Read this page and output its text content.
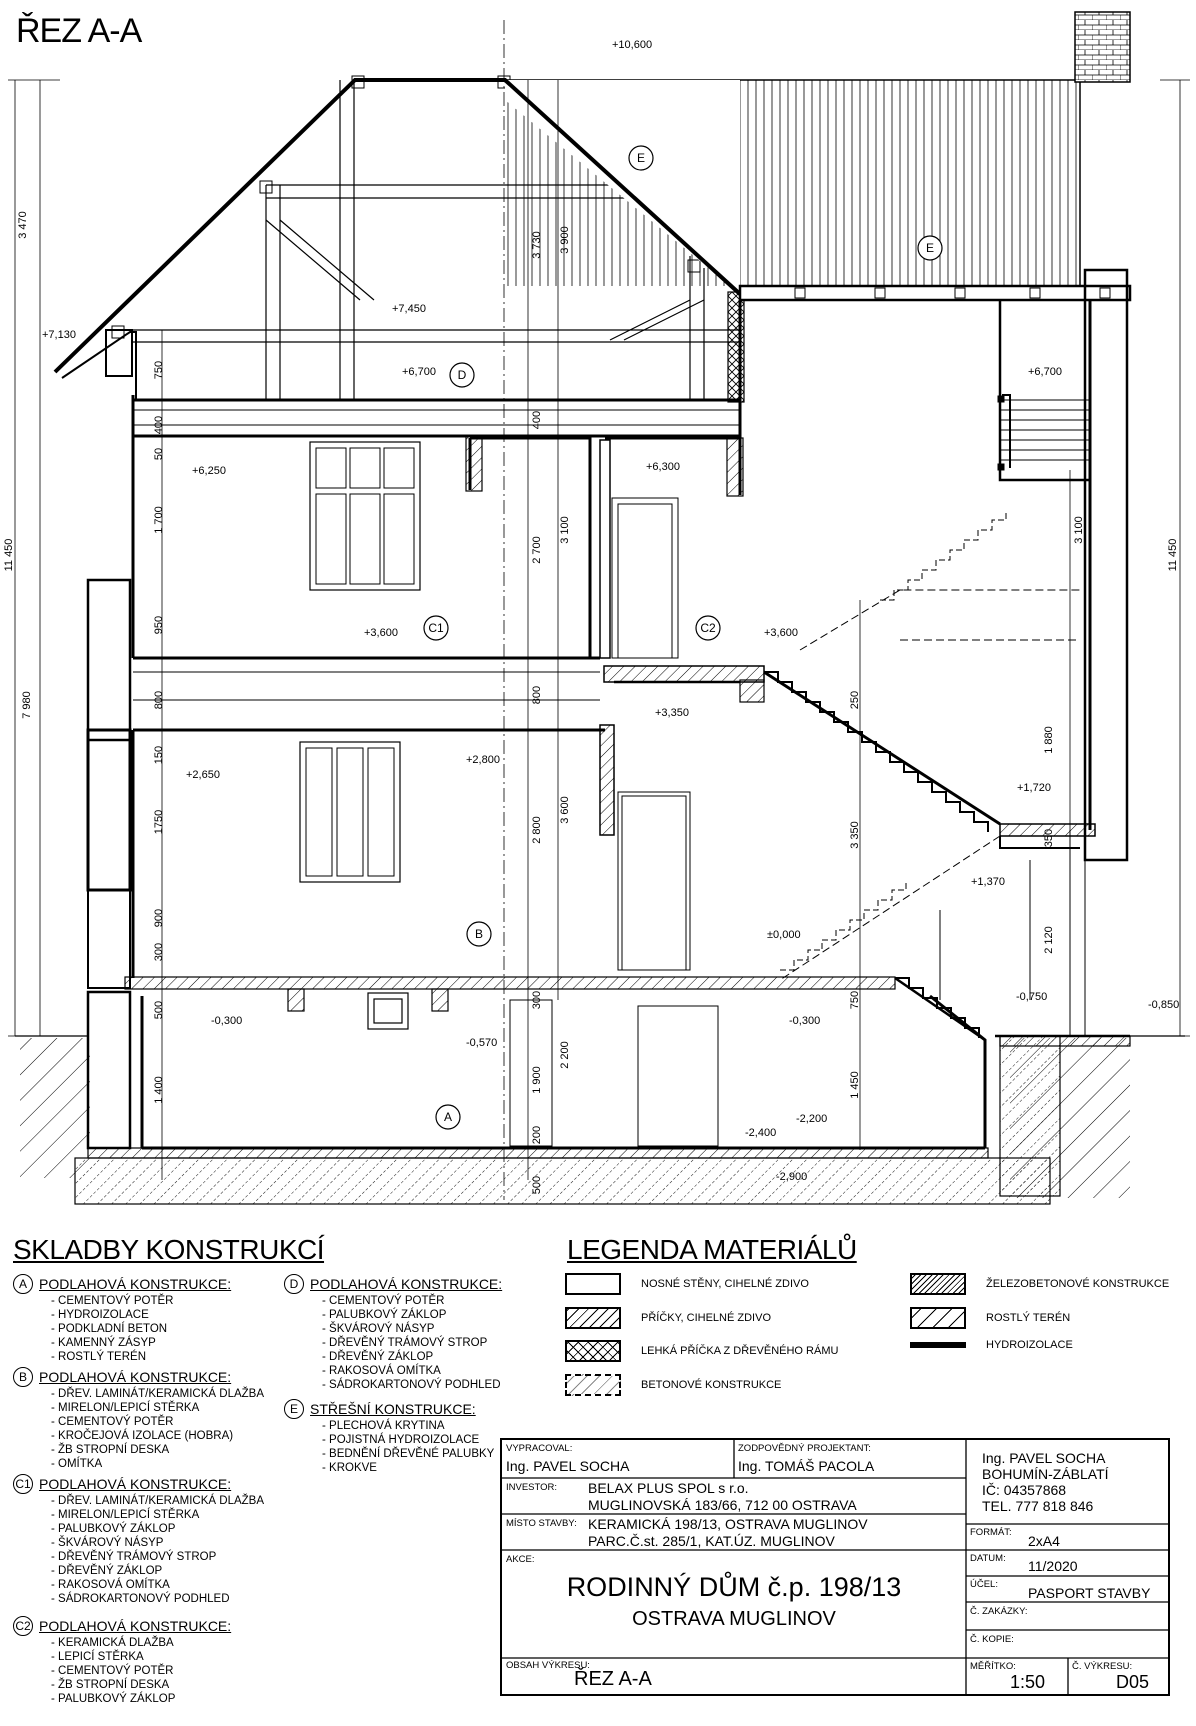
+10,600
+7,450
+7,130
+6,700	+6,700
+6,250	+6,300
+3,600	+3,600
+3,350
+2,800
+2,650
+1,720
+1,370
±0,000
-0,300	-0,300
-0,570
-0,750
-0,850
-2,200
-2,400
-2,900
3 470
750
400
50
1 700
950
800
150
1750
900
300
500
1 400
11 450
7 980
11 450
3 730 3 900
400
2 700
3 100
800
2 800
3 600
300
1 900
2 200
200
500
3 100
250
3 350
1 880
350
2 120
750
1 450
A
B
C1	C2
D
E
E
ŘEZ A-A
SKLADBY KONSTRUKCÍ
A PODLAHOVÁ KONSTRUKCE:
- CEMENTOVÝ POTĚR
- HYDROIZOLACE
- PODKLADNÍ BETON
- KAMENNÝ ZÁSYP
- ROSTLÝ TERÉN
B PODLAHOVÁ KONSTRUKCE:
- DŘEV. LAMINÁT/KERAMICKÁ DLAŽBA
- MIRELON/LEPICÍ STĚRKA
- CEMENTOVÝ POTĚR
- KROČEJOVÁ IZOLACE (HOBRA)
- ŽB STROPNÍ DESKA
- OMÍTKA
C1 PODLAHOVÁ KONSTRUKCE:
- DŘEV. LAMINÁT/KERAMICKÁ DLAŽBA
- MIRELON/LEPICÍ STĚRKA
- PALUBKOVÝ ZÁKLOP
- ŠKVÁROVÝ NÁSYP
- DŘEVĚNÝ TRÁMOVÝ STROP
- DŘEVĚNÝ ZÁKLOP
- RAKOSOVÁ OMÍTKA
- SÁDROKARTONOVÝ PODHLED
C2 PODLAHOVÁ KONSTRUKCE:
- KERAMICKÁ DLAŽBA
- LEPICÍ STĚRKA
- CEMENTOVÝ POTĚR
- ŽB STROPNÍ DESKA
- PALUBKOVÝ ZÁKLOP
D PODLAHOVÁ KONSTRUKCE:
- CEMENTOVÝ POTĚR
- PALUBKOVÝ ZÁKLOP
- ŠKVÁROVÝ NÁSYP
- DŘEVĚNÝ TRÁMOVÝ STROP
- DŘEVĚNÝ ZÁKLOP
- RAKOSOVÁ OMÍTKA
- SÁDROKARTONOVÝ PODHLED
E STŘEŠNÍ KONSTRUKCE:
- PLECHOVÁ KRYTINA
- POJISTNÁ HYDROIZOLACE
- BEDNĚNÍ DŘEVĚNÉ PALUBKY
- KROKVE
LEGENDA MATERIÁLŮ
NOSNÉ STĚNY, CIHELNÉ ZDIVO
PŘÍČKY, CIHELNÉ ZDIVO
LEHKÁ PŘÍČKA Z DŘEVĚNÉHO RÁMU
BETONOVÉ KONSTRUKCE
ŽELEZOBETONOVÉ KONSTRUKCE
ROSTLÝ TERÉN
HYDROIZOLACE
VYPRACOVAL:
Ing. PAVEL SOCHA
ZODPOVĚDNÝ PROJEKTANT:
Ing. TOMÁŠ PACOLA
INVESTOR: BELAX PLUS SPOL s r.o.
MUGLINOVSKÁ 183/66, 712 00 OSTRAVA
MÍSTO STAVBY: KERAMICKÁ 198/13, OSTRAVA MUGLINOV
PARC.Č.st. 285/1, KAT.ÚZ. MUGLINOV
AKCE:
RODINNÝ DŮM č.p. 198/13
OSTRAVA MUGLINOV
OBSAH VÝKRESU:
ŘEZ A-A
Ing. PAVEL SOCHA
BOHUMÍN-ZÁBLATÍ
IČ: 04357868
TEL. 777 818 846
FORMÁT:
2xA4
DATUM: 11/2020
ÚČEL:
PASPORT STAVBY
Č. ZAKÁZKY:
Č. KOPIE:
MĚŘÍTKO:
1:50
Č. VÝKRESU:
D05
